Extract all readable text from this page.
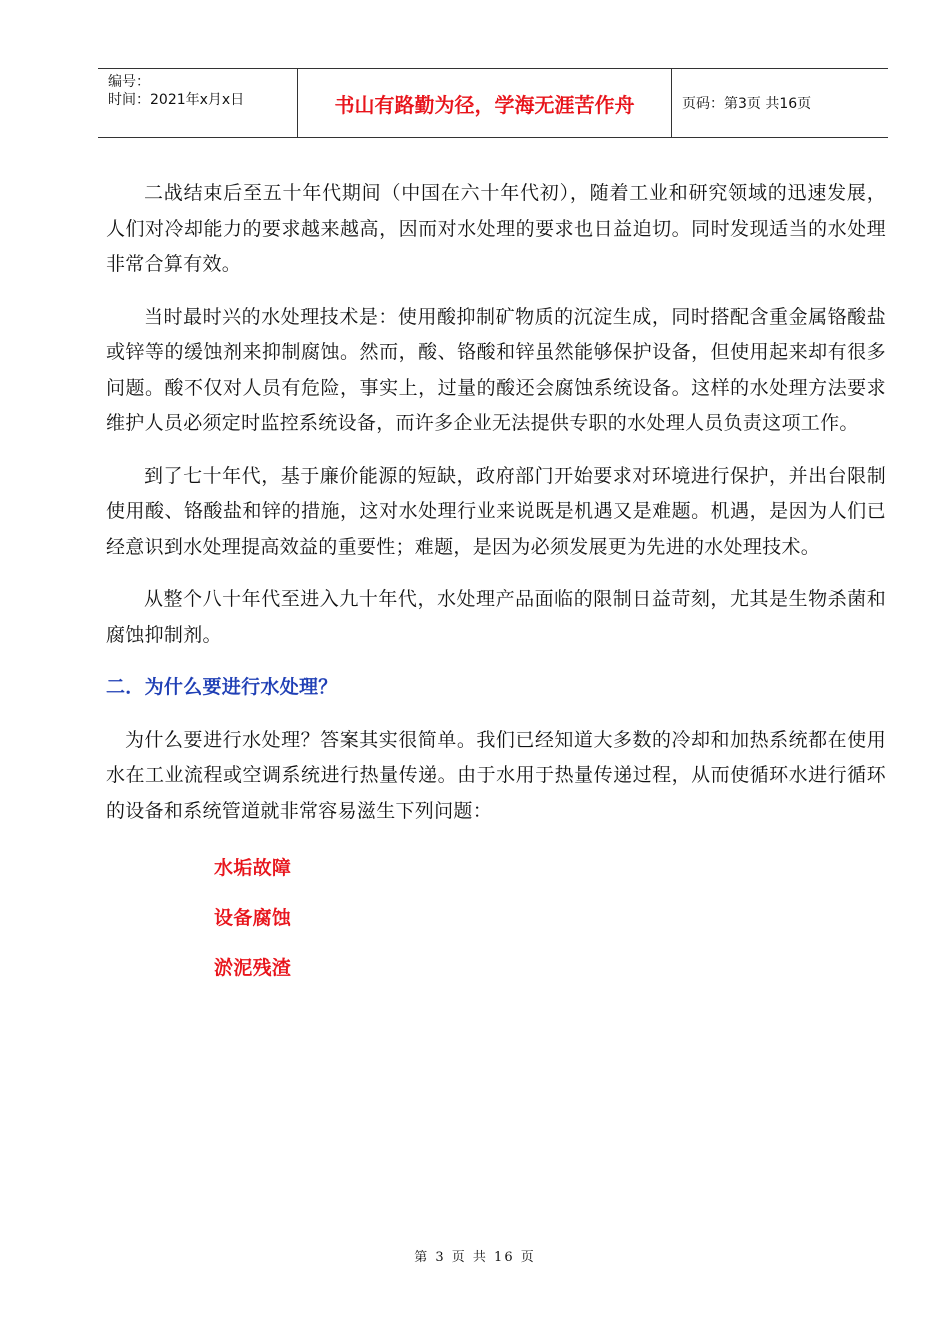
编号：
时间：2021年x月x日	书山有路勤为径，学海无涯苦作舟	页码：第3页 共16页

二战结束后至五十年代期间（中国在六十年代初），随着工业和研究领域的迅速发展，人们对冷却能力的要求越来越高，因而对水处理的要求也日益迫切。同时发现适当的水处理非常合算有效。

当时最时兴的水处理技术是：使用酸抑制矿物质的沉淀生成，同时搭配含重金属铬酸盐或锌等的缓蚀剂来抑制腐蚀。然而，酸、铬酸和锌虽然能够保护设备，但使用起来却有很多问题。酸不仅对人员有危险，事实上，过量的酸还会腐蚀系统设备。这样的水处理方法要求维护人员必须定时监控系统设备，而许多企业无法提供专职的水处理人员负责这项工作。

到了七十年代，基于廉价能源的短缺，政府部门开始要求对环境进行保护，并出台限制使用酸、铬酸盐和锌的措施，这对水处理行业来说既是机遇又是难题。机遇，是因为人们已经意识到水处理提高效益的重要性；难题，是因为必须发展更为先进的水处理技术。

从整个八十年代至进入九十年代，水处理产品面临的限制日益苛刻，尤其是生物杀菌和腐蚀抑制剂。

二．为什么要进行水处理？

为什么要进行水处理？答案其实很简单。我们已经知道大多数的冷却和加热系统都在使用水在工业流程或空调系统进行热量传递。由于水用于热量传递过程，从而使循环水进行循环的设备和系统管道就非常容易滋生下列问题：

水垢故障
设备腐蚀
淤泥残渣
第 3 页 共 16 页
